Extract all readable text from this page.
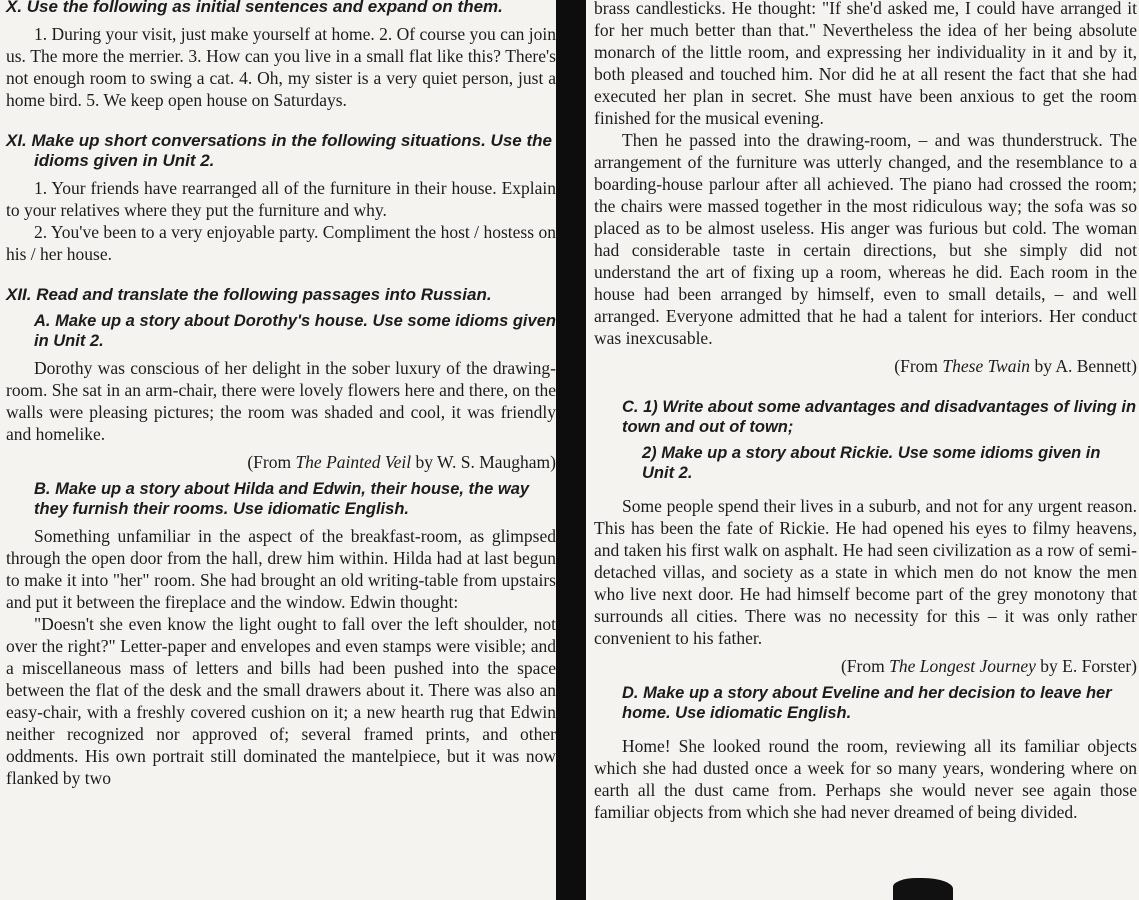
X. Use the following as initial sentences and expand on them.

1. During your visit, just make yourself at home. 2. Of course you can join us. The more the merrier. 3. How can you live in a small flat like this? There's not enough room to swing a cat. 4. Oh, my sister is a very quiet person, just a home bird. 5. We keep open house on Saturdays.

XI. Make up short conversations in the following situations. Use the idioms given in Unit 2.

1. Your friends have rearranged all of the furniture in their house. Explain to your relatives where they put the furniture and why.

2. You've been to a very enjoyable party. Compliment the host / hostess on his / her house.

XII. Read and translate the following passages into Russian.
A. Make up a story about Dorothy's house. Use some idioms given in Unit 2.

Dorothy was conscious of her delight in the sober luxury of the drawing-room. She sat in an arm-chair, there were lovely flowers here and there, on the walls were pleasing pictures; the room was shaded and cool, it was friendly and homelike.

(From The Painted Veil by W. S. Maugham)

B. Make up a story about Hilda and Edwin, their house, the way they furnish their rooms. Use idiomatic English.

Something unfamiliar in the aspect of the breakfast-room, as glimpsed through the open door from the hall, drew him within. Hilda had at last begun to make it into "her" room. She had brought an old writing-table from upstairs and put it between the fireplace and the window. Edwin thought:

"Doesn't she even know the light ought to fall over the left shoulder, not over the right?" Letter-paper and envelopes and even stamps were visible; and a miscellaneous mass of letters and bills had been pushed into the space between the flat of the desk and the small drawers about it. There was also an easy-chair, with a freshly covered cushion on it; a new hearth rug that Edwin neither recognized nor approved of; several framed prints, and other oddments. His own portrait still dominated the mantelpiece, but it was now flanked by two

brass candlesticks. He thought: "If she'd asked me, I could have arranged it for her much better than that." Nevertheless the idea of her being absolute monarch of the little room, and expressing her individuality in it and by it, both pleased and touched him. Nor did he at all resent the fact that she had executed her plan in secret. She must have been anxious to get the room finished for the musical evening.

Then he passed into the drawing-room, – and was thunderstruck. The arrangement of the furniture was utterly changed, and the resemblance to a boarding-house parlour after all achieved. The piano had crossed the room; the chairs were massed together in the most ridiculous way; the sofa was so placed as to be almost useless. His anger was furious but cold. The woman had considerable taste in certain directions, but she simply did not understand the art of fixing up a room, whereas he did. Each room in the house had been arranged by himself, even to small details, – and well arranged. Everyone admitted that he had a talent for interiors. Her conduct was inexcusable.

(From These Twain by A. Bennett)

C. 1) Write about some advantages and disadvantages of living in town and out of town;
2) Make up a story about Rickie. Use some idioms given in Unit 2.

Some people spend their lives in a suburb, and not for any urgent reason. This has been the fate of Rickie. He had opened his eyes to filmy heavens, and taken his first walk on asphalt. He had seen civilization as a row of semi-detached villas, and society as a state in which men do not know the men who live next door. He had himself become part of the grey monotony that surrounds all cities. There was no necessity for this – it was only rather convenient to his father.

(From The Longest Journey by E. Forster)

D. Make up a story about Eveline and her decision to leave her home. Use idiomatic English.

Home! She looked round the room, reviewing all its familiar objects which she had dusted once a week for so many years, wondering where on earth all the dust came from. Perhaps she would never see again those familiar objects from which she had never dreamed of being divided.
